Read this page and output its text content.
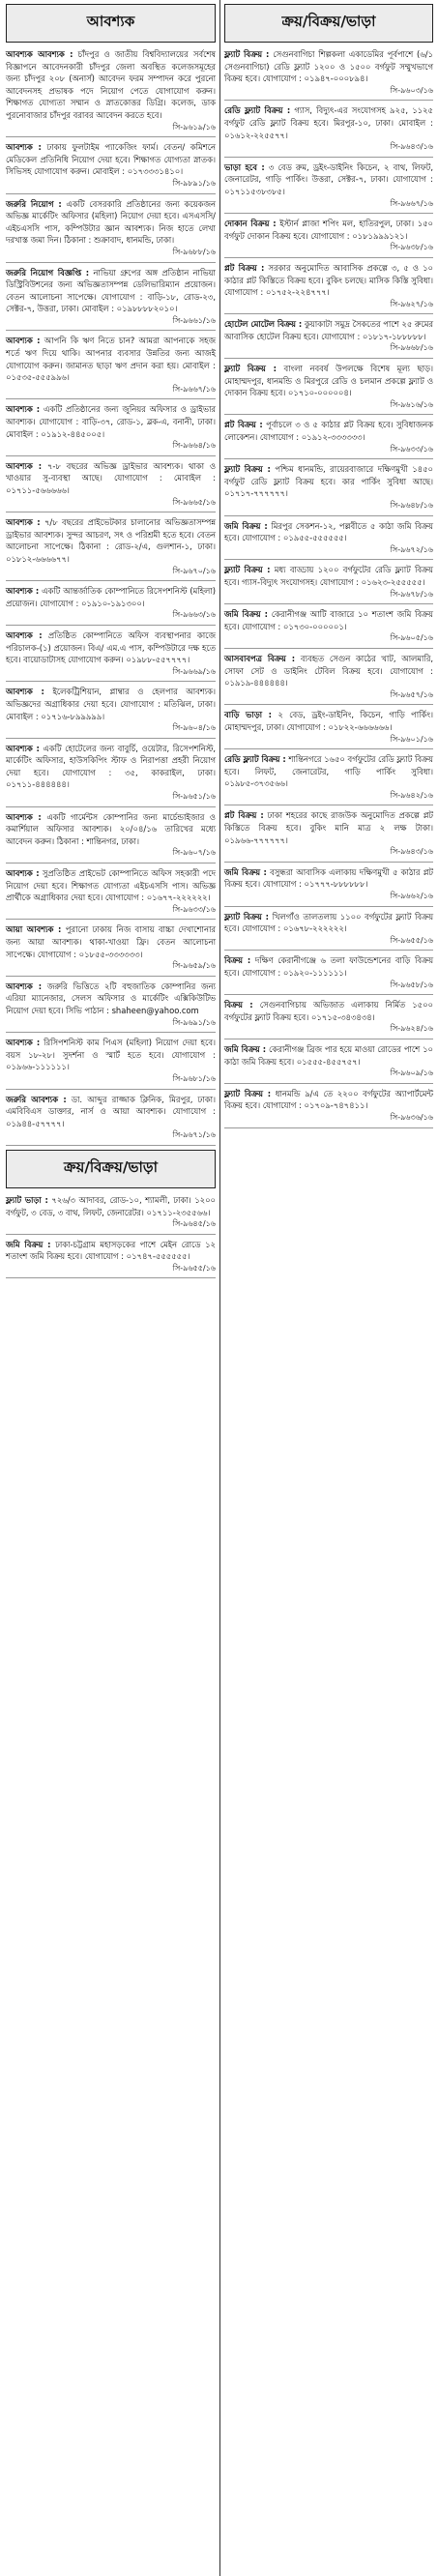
আবশ্যক
আবশ্যক আবশ্যক : চাঁদপুর ও জাতীয় বিশ্ববিদ্যালয়ের সর্বশেষ বিজ্ঞাপনে আবেদনকারী চাঁদপুর জেলা অবস্থিত কলেজসমূহের জন্য চাঁদপুর ২০৮ (অনার্স) আবেদন ফরম সম্পাদন করে পুরনো আবেদনসহ প্রভাষক পদে নিয়োগ পেতে যোগাযোগ করুন। শিক্ষাগত যোগ্যতা সম্মান ও স্নাতকোত্তর ডিগ্রি। কলেজ, ডাক পুরনোবাজার চাঁদপুর বরাবর আবেদন করতে হবে।
সি-৯৬১৯/১৬
আবশ্যক : ঢাকায় ফুলটাইম প্যাকেজিং ফার্ম। বেতন/ কমিশনে মেডিকেল প্রতিনিধি নিয়োগ দেয়া হবে। শিক্ষাগত যোগ্যতা স্নাতক। সিভিসহ যোগাযোগ করুন। মোবাইল : ০১৭৩৩৩১৪১০।
সি-৯৮৯১/১৬
জরুরি নিয়োগ : একটি বেসরকারি প্রতিষ্ঠানের জন্য কয়েকজন অভিজ্ঞ মার্কেটিং অফিসার (মহিলা) নিয়োগ দেয়া হবে। এসএসসি/ এইচএসসি পাস, কম্পিউটার জ্ঞান আবশ্যক। নিজ হাতে লেখা দরখাস্ত জমা দিন। ঠিকানা : শুক্রাবাদ, ধানমন্ডি, ঢাকা।
সি-৯৬৮৮/১৬
জরুরি নিয়োগ বিজ্ঞপ্তি : নাভিয়া গ্রুপের অঙ্গ প্রতিষ্ঠান নাভিয়া ডিস্ট্রিবিউশনের জন্য অভিজ্ঞতাসম্পন্ন ডেলিভারিম্যান প্রয়োজন। বেতন আলোচনা সাপেক্ষে। যোগাযোগ : বাড়ি-১৮, রোড-২৩, সেক্টর-৭, উত্তরা, ঢাকা। মোবাইল : ০১৯৮৮৮৮২০১০।
সি-৯৬৬১/১৬
আবশ্যক : আপনি কি ঋণ নিতে চান? আমরা আপনাকে সহজ শর্তে ঋণ দিয়ে থাকি। আপনার ব্যবসার উন্নতির জন্য আজই যোগাযোগ করুন। জামানত ছাড়া ঋণ প্রদান করা হয়। মোবাইল : ০১৫৩৫-৫৫৫৯৯৬।
সি-৯৬৬৭/১৬
আবশ্যক : একটি প্রতিষ্ঠানের জন্য জুনিয়র অফিসার ও ড্রাইভার আবশ্যক। যোগাযোগ : বাড়ি-৩৭, রোড-১, ব্লক-এ, বনানী, ঢাকা। মোবাইল : ০১৯১২-৪৪৫০০৫।
সি-৯৬৬৪/১৬
আবশ্যক : ৭-৮ বছরের অভিজ্ঞ ড্রাইভার আবশ্যক। থাকা ও খাওয়ার সু-ব্যবস্থা আছে। যোগাযোগ : মোবাইল : ০১৭১১-৫৬৬৬৬৬।
সি-৯৬৬৫/১৬
আবশ্যক : ৭/৮ বছরের প্রাইভেটকার চালানোর অভিজ্ঞতাসম্পন্ন ড্রাইভার আবশ্যক। সুন্দর আচরণ, সৎ ও পরিশ্রমী হতে হবে। বেতন আলোচনা সাপেক্ষে। ঠিকানা : রোড-২/এ, গুলশান-১, ঢাকা। ০১৮১২-৬৬৬৬৭৭।
সি-৯৬৭০/১৬
আবশ্যক : একটি আন্তর্জাতিক কোম্পানিতে রিসেপশনিস্ট (মহিলা) প্রয়োজন। যোগাযোগ : ০১৯১০-১৯১৩০০।
সি-৯৬৬৩/১৬
আবশ্যক : প্রতিষ্ঠিত কোম্পানিতে অফিস ব্যবস্থাপনার কাজে পরিচালক-(১) প্রয়োজন। বিএ/ এম.এ পাস, কম্পিউটারে দক্ষ হতে হবে। বায়োডাটাসহ যোগাযোগ করুন। ০১৯৮৮-৫৫৭৭৭৭।
সি-৯৬৬৯/১৬
আবশ্যক : ইলেকট্রিশিয়ান, প্লাম্বার ও হেলপার আবশ্যক। অভিজ্ঞদের অগ্রাধিকার দেয়া হবে। যোগাযোগ : মতিঝিল, ঢাকা। মোবাইল : ০১৭১৬-৮৯৯৯৯৯।
সি-৯৬০৪/১৬
আবশ্যক : একটি হোটেলের জন্য বাবুর্চি, ওয়েটার, রিসেপশনিস্ট, মার্কেটিং অফিসার, হাউসকিপিং স্টাফ ও নিরাপত্তা প্রহরী নিয়োগ দেয়া হবে। যোগাযোগ : ৩৫, কাকরাইল, ঢাকা। ০১৭১১-৪৪৪৪৪৪।
সি-৯৬৫১/১৬
আবশ্যক : একটি গার্মেন্টস কোম্পানির জন্য মার্চেন্ডাইজার ও কমার্শিয়াল অফিসার আবশ্যক। ২০/০৪/১৬ তারিখের মধ্যে আবেদন করুন। ঠিকানা : শান্তিনগর, ঢাকা।
সি-৯৬০৭/১৬
আবশ্যক : সুপ্রতিষ্ঠিত প্রাইভেট কোম্পানিতে অফিস সহকারী পদে নিয়োগ দেয়া হবে। শিক্ষাগত যোগ্যতা এইচএসসি পাস। অভিজ্ঞ প্রার্থীকে অগ্রাধিকার দেয়া হবে। যোগাযোগ : ০১৬৭৭-২২২২২২।
সি-৯৬৩৩/১৬
আয়া আবশ্যক : পুরানো ঢাকায় নিজ বাসায় বাচ্চা দেখাশোনার জন্য আয়া আবশ্যক। থাকা-খাওয়া ফ্রি। বেতন আলোচনা সাপেক্ষে। যোগাযোগ : ০১৮৫৫-৩৩৩৩৩৩।
সি-৯৬৫৯/১৬
আবশ্যক : জরুরি ভিত্তিতে ২টি বহুজাতিক কোম্পানির জন্য এরিয়া ম্যানেজার, সেলস অফিসার ও মার্কেটিং এক্সিকিউটিভ নিয়োগ দেয়া হবে। সিভি পাঠান : shaheen@yahoo.com
সি-৯৬৯১/১৬
আবশ্যক : রিসিপশনিস্ট কাম পিএস (মহিলা) নিয়োগ দেয়া হবে। বয়স ১৮-২৮। সুদর্শনা ও স্মার্ট হতে হবে। যোগাযোগ : ০১৯৬৬-১১১১১১।
সি-৯৬৮১/১৬
জরুরি আবশ্যক : ডা. আব্দুর রাজ্জাক ক্লিনিক, মিরপুর, ঢাকা। এমবিবিএস ডাক্তার, নার্স ও আয়া আবশ্যক। যোগাযোগ : ০১৯৪৪-৫৭৭৭৭।
সি-৯৬৭১/১৬
ক্রয়/বিক্রয়/ভাড়া
ফ্ল্যাট ভাড়া : ৭২৬/৩ আদাবর, রোড-১০, শ্যামলী, ঢাকা। ১২০০ বর্গফুট, ৩ বেড, ৩ বাথ, লিফট, জেনারেটর। ০১৭১১-২৩৫৫৬৬।
সি-৯৬৪৫/১৬
জমি বিক্রয় : ঢাকা-চট্টগ্রাম মহাসড়কের পাশে মেইন রোডে ১২ শতাংশ জমি বিক্রয় হবে। যোগাযোগ : ০১৭৪৭-৫৫৫৫৫৫।
সি-৯৬৫৫/১৬
ক্রয়/বিক্রয়/ভাড়া
ফ্ল্যাট বিক্রয় : সেগুনবাগিচা শিল্পকলা একাডেমির পূর্বপাশে (৬/১ সেগুনবাগিচা) রেডি ফ্ল্যাট ১২০০ ও ১৫০০ বর্গফুট সম্মুখভাগে বিক্রয় হবে। যোগাযোগ : ০১৯৪৭-০০০৮৯৪।
সি-৯৬০৩/১৬
রেডি ফ্ল্যাট বিক্রয় : গ্যাস, বিদ্যুৎ-এর সংযোগসহ ৯২৫, ১১২৫ বর্গফুট রেডি ফ্ল্যাট বিক্রয় হবে। মিরপুর-১০, ঢাকা। মোবাইল : ০১৬১২-২২৫৫৭৭।
সি-৯৬৪৩/১৬
ভাড়া হবে : ৩ বেড রুম, ড্রইং-ডাইনিং কিচেন, ২ বাথ, লিফট, জেনারেটর, গাড়ি পার্কিং। উত্তরা, সেক্টর-৭, ঢাকা। যোগাযোগ : ০১৭১১৫৩৮৩৮৫।
সি-৯৬৬৭/১৬
দোকান বিক্রয় : ইস্টার্ন প্লাজা শপিং মল, হাতিরপুল, ঢাকা। ১৫০ বর্গফুট দোকান বিক্রয় হবে। যোগাযোগ : ০১৮১৯৯৯১২১।
সি-৯৬৩৮/১৬
প্লট বিক্রয় : সরকার অনুমোদিত আবাসিক প্রকল্পে ৩, ৫ ও ১০ কাঠার প্লট কিস্তিতে বিক্রয় হবে। বুকিং চলছে। মাসিক কিস্তি সুবিধা। যোগাযোগ : ০১৭৫২-২২৪৭৭৭।
সি-৯৬২৭/১৬
হোটেল মোটেল বিক্রয় : কুয়াকাটা সমুদ্র সৈকতের পাশে ২৫ রুমের আবাসিক হোটেল বিক্রয় হবে। যোগাযোগ : ০১৮১৭-১৮৮৮৮৮।
সি-৯৬৬৮/১৬
ফ্ল্যাট বিক্রয় : বাংলা নববর্ষ উপলক্ষে বিশেষ মূল্য ছাড়। মোহাম্মদপুর, ধানমন্ডি ও মিরপুরে রেডি ও চলমান প্রকল্পে ফ্ল্যাট ও দোকান বিক্রয় হবে। ০১৭১০-০০০০০৪।
সি-৯৬১৬/১৬
প্লট বিক্রয় : পূর্বাচলে ৩ ও ৫ কাঠার প্লট বিক্রয় হবে। সুবিধাজনক লোকেশন। যোগাযোগ : ০১৯১২-৩৩৩৩৩৩।
সি-৯৬৩৩/১৬
ফ্ল্যাট বিক্রয় : পশ্চিম ধানমন্ডি, রায়েরবাজারে দক্ষিণমুখী ১৪৫০ বর্গফুট রেডি ফ্ল্যাট বিক্রয় হবে। কার পার্কিং সুবিধা আছে। ০১৭১৭-৭৭৭৭৭৭।
সি-৯৬৪৮/১৬
জমি বিক্রয় : মিরপুর সেকশন-১২, পল্লবীতে ৫ কাঠা জমি বিক্রয় হবে। যোগাযোগ : ০১৯৫৫-৫৫৫৫৫৫।
সি-৯৬৭২/১৬
ফ্ল্যাট বিক্রয় : মধ্য বাড্ডায় ১২০০ বর্গফুটের রেডি ফ্ল্যাট বিক্রয় হবে। গ্যাস-বিদ্যুৎ সংযোগসহ। যোগাযোগ : ০১৬২৩-২৫৫৫৫৫।
সি-৯৬৭৮/১৬
জমি বিক্রয় : কেরানীগঞ্জ আটি বাজারে ১০ শতাংশ জমি বিক্রয় হবে। যোগাযোগ : ০১৭৩০-০০০০০১।
সি-৯৬০৫/১৬
আসবাবপত্র বিক্রয় : ব্যবহৃত সেগুন কাঠের খাট, আলমারি, সোফা সেট ও ডাইনিং টেবিল বিক্রয় হবে। যোগাযোগ : ০১৯১৯-৪৪৪৪৪৪।
সি-৯৬৫৭/১৬
বাড়ি ভাড়া : ২ বেড, ড্রইং-ডাইনিং, কিচেন, গাড়ি পার্কিং। মোহাম্মদপুর, ঢাকা। যোগাযোগ : ০১৮২২-৬৬৬৬৬৬।
সি-৯৬০১/১৬
রেডি ফ্ল্যাট বিক্রয় : শান্তিনগরে ১৬৫০ বর্গফুটের রেডি ফ্ল্যাট বিক্রয় হবে। লিফট, জেনারেটর, গাড়ি পার্কিং সুবিধা। ০১৯৮৫-৩৭৩৫৬৬।
সি-৯৬৪২/১৬
প্লট বিক্রয় : ঢাকা শহরের কাছে রাজউক অনুমোদিত প্রকল্পে প্লট কিস্তিতে বিক্রয় হবে। বুকিং মানি মাত্র ২ লক্ষ টাকা। ০১৯৬৬-৭৭৭৭৭৭।
সি-৯৬৪৩/১৬
জমি বিক্রয় : বসুন্ধরা আবাসিক এলাকায় দক্ষিণমুখী ৫ কাঠার প্লট বিক্রয় হবে। যোগাযোগ : ০১৭৭৭-৮৮৮৮৮৮।
সি-৯৬৬২/১৬
ফ্ল্যাট বিক্রয় : খিলগাঁও তালতলায় ১১০০ বর্গফুটের ফ্ল্যাট বিক্রয় হবে। যোগাযোগ : ০১৬৭৮-২২২২২২।
সি-৯৬৫৫/১৬
বিক্রয় : দক্ষিণ কেরানীগঞ্জে ৬ তলা ফাউন্ডেশনের বাড়ি বিক্রয় হবে। যোগাযোগ : ০১৯২০-১১১১১১।
সি-৯৬৫৮/১৬
বিক্রয় : সেগুনবাগিচায় অভিজাত এলাকায় নির্মিত ১৫০০ বর্গফুটের ফ্ল্যাট বিক্রয় হবে। ০১৭১৫-৩৪৩৪৩৪।
সি-৯৬২৪/১৬
জমি বিক্রয় : কেরানীগঞ্জ ব্রিজ পার হয়ে মাওয়া রোডের পাশে ১০ কাঠা জমি বিক্রয় হবে। ০১৫৫৫-৪৫৫৭৫৭।
সি-৯৬০৯/১৬
ফ্ল্যাট বিক্রয় : ধানমন্ডি ৯/এ তে ২২০০ বর্গফুটের অ্যাপার্টমেন্ট বিক্রয় হবে। যোগাযোগ : ০১৭০৯-৭৪৭৪১১।
সি-৯৬৩৬/১৬
